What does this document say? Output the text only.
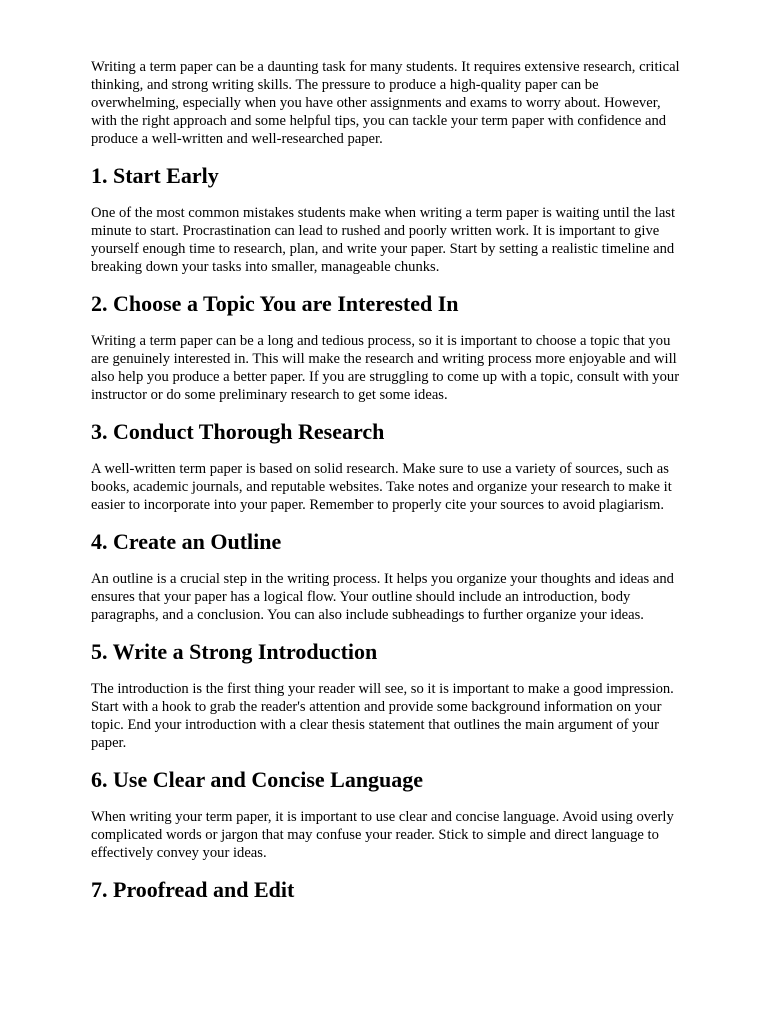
Writing a term paper can be a daunting task for many students. It requires extensive research, critical
thinking, and strong writing skills. The pressure to produce a high-quality paper can be
overwhelming, especially when you have other assignments and exams to worry about. However,
with the right approach and some helpful tips, you can tackle your term paper with confidence and
produce a well-written and well-researched paper.

1. Start Early

One of the most common mistakes students make when writing a term paper is waiting until the last
minute to start. Procrastination can lead to rushed and poorly written work. It is important to give
yourself enough time to research, plan, and write your paper. Start by setting a realistic timeline and
breaking down your tasks into smaller, manageable chunks.

2. Choose a Topic You are Interested In

Writing a term paper can be a long and tedious process, so it is important to choose a topic that you
are genuinely interested in. This will make the research and writing process more enjoyable and will
also help you produce a better paper. If you are struggling to come up with a topic, consult with your
instructor or do some preliminary research to get some ideas.

3. Conduct Thorough Research

A well-written term paper is based on solid research. Make sure to use a variety of sources, such as
books, academic journals, and reputable websites. Take notes and organize your research to make it
easier to incorporate into your paper. Remember to properly cite your sources to avoid plagiarism.

4. Create an Outline

An outline is a crucial step in the writing process. It helps you organize your thoughts and ideas and
ensures that your paper has a logical flow. Your outline should include an introduction, body
paragraphs, and a conclusion. You can also include subheadings to further organize your ideas.

5. Write a Strong Introduction

The introduction is the first thing your reader will see, so it is important to make a good impression.
Start with a hook to grab the reader's attention and provide some background information on your
topic. End your introduction with a clear thesis statement that outlines the main argument of your
paper.

6. Use Clear and Concise Language

When writing your term paper, it is important to use clear and concise language. Avoid using overly
complicated words or jargon that may confuse your reader. Stick to simple and direct language to
effectively convey your ideas.

7. Proofread and Edit
